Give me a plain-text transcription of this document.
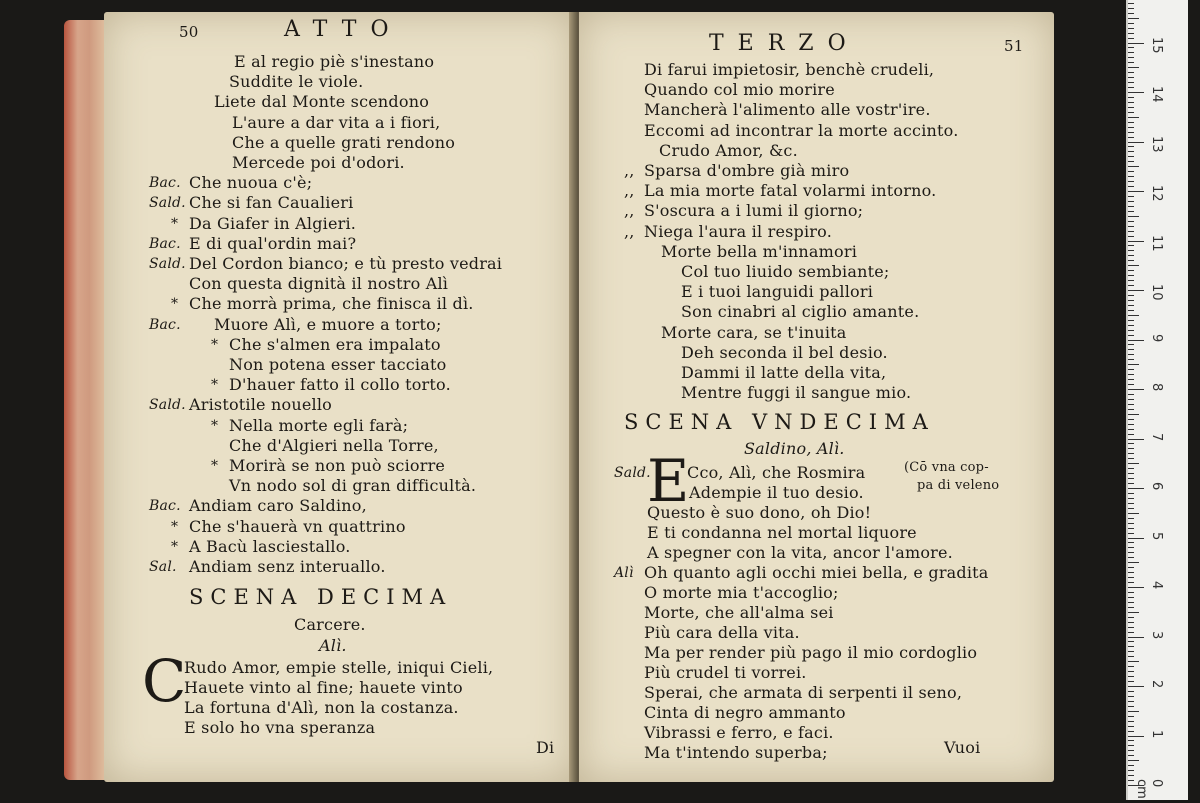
50	ATTO
E al regio piè s'inestano
Suddite le viole.
Liete dal Monte scendono
L'aure a dar vita a i fiori,
Che a quelle grati rendono
Mercede poi d'odori.
Bac. Che nuoua c'è;
Sald. Che si fan Caualieri
* Da Giafer in Algieri.
Bac. E di qual'ordin mai?
Sald. Del Cordon bianco; e tù presto vedrai
Con questa dignità il nostro Alì
* Che morrà prima, che finisca il dì.
Bac. Muore Alì, e muore a torto;
* Che s'almen era impalato
Non potena esser tacciato
* D'hauer fatto il collo torto.
Sald. Aristotile nouello
* Nella morte egli farà;
Che d'Algieri nella Torre,
* Morirà se non può sciorre
Vn nodo sol di gran difficultà.
Bac. Andiam caro Saldino,
* Che s'hauerà vn quattrino
* A Bacù lasciestallo.
Sal. Andiam senz interuallo.
SCENA DECIMA
Carcere.
Alì.
C
Rudo Amor, empie stelle, iniqui Cieli,
Hauete vinto al fine; hauete vinto
La fortuna d'Alì, non la costanza.
E solo ho vna speranza
Di
TERZO	51
Di farui impietosir, benchè crudeli,
Quando col mio morire
Mancherà l'alimento alle vostr'ire.
Eccomi ad incontrar la morte accinto.
Crudo Amor, &c.
,, Sparsa d'ombre già miro
,, La mia morte fatal volarmi intorno.
,, S'oscura a i lumi il giorno;
,, Niega l'aura il respiro.
Morte bella m'innamori
Col tuo liuido sembiante;
E i tuoi languidi pallori
Son cinabri al ciglio amante.
Morte cara, se t'inuita
Deh seconda il bel desio.
Dammi il latte della vita,
Mentre fuggi il sangue mio.
SCENA VNDECIMA
Saldino, Alì.
Sald.
E
Cco, Alì, che Rosmira	(Cō vna cop-
pa di veleno
Adempie il tuo desio.
Questo è suo dono, oh Dio!
E ti condanna nel mortal liquore
A spegner con la vita, ancor l'amore.
Alì Oh quanto agli occhi miei bella, e gradita
O morte mia t'accoglio;
Morte, che all'alma sei
Più cara della vita.
Ma per render più pago il mio cordoglio
Più crudel ti vorrei.
Sperai, che armata di serpenti il seno,
Cinta di negro ammanto
Vibrassi e ferro, e faci.
Ma t'intendo superba;	Vuoi
0 cm
1
2
3
4
5
6
7
8
9
10
11
12
13
14
15
